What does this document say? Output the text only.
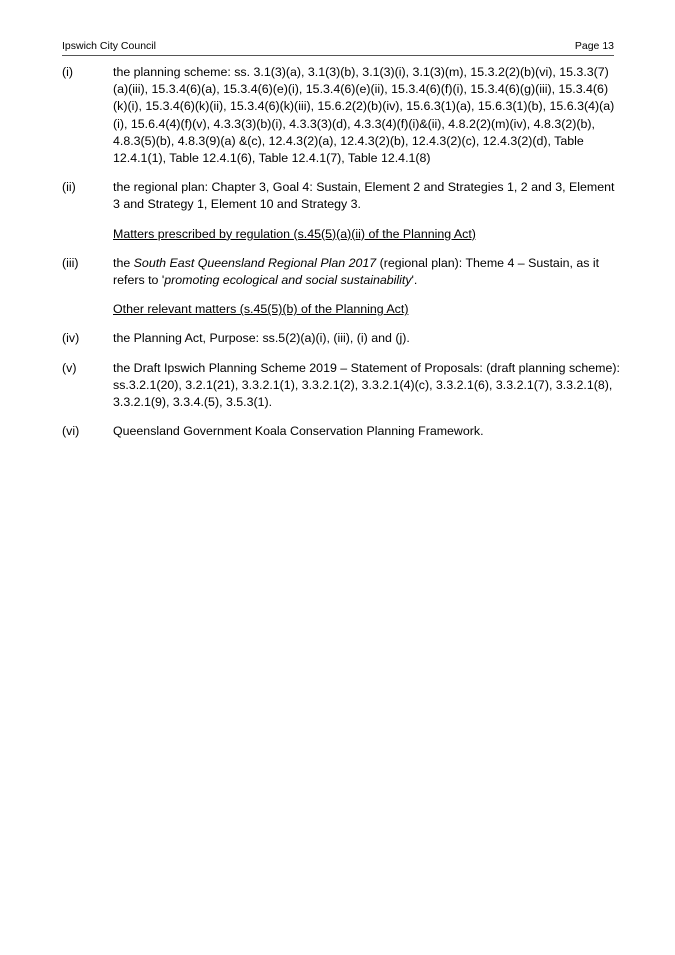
Ipswich City Council	Page 13
(i)	the planning scheme: ss. 3.1(3)(a), 3.1(3)(b), 3.1(3)(i), 3.1(3)(m), 15.3.2(2)(b)(vi), 15.3.3(7)(a)(iii), 15.3.4(6)(a), 15.3.4(6)(e)(i), 15.3.4(6)(e)(ii), 15.3.4(6)(f)(i), 15.3.4(6)(g)(iii), 15.3.4(6)(k)(i), 15.3.4(6)(k)(ii), 15.3.4(6)(k)(iii), 15.6.2(2)(b)(iv), 15.6.3(1)(a), 15.6.3(1)(b), 15.6.3(4)(a)(i), 15.6.4(4)(f)(v), 4.3.3(3)(b)(i), 4.3.3(3)(d), 4.3.3(4)(f)(i)&(ii), 4.8.2(2)(m)(iv), 4.8.3(2)(b), 4.8.3(5)(b), 4.8.3(9)(a) &(c), 12.4.3(2)(a), 12.4.3(2)(b), 12.4.3(2)(c), 12.4.3(2)(d), Table 12.4.1(1), Table 12.4.1(6), Table 12.4.1(7), Table 12.4.1(8)
(ii)	the regional plan: Chapter 3, Goal 4: Sustain, Element 2 and Strategies 1, 2 and 3, Element 3 and Strategy 1, Element 10 and Strategy 3.
Matters prescribed by regulation (s.45(5)(a)(ii) of the Planning Act)
(iii)	the South East Queensland Regional Plan 2017 (regional plan): Theme 4 – Sustain, as it refers to 'promoting ecological and social sustainability'.
Other relevant matters (s.45(5)(b) of the Planning Act)
(iv)	the Planning Act, Purpose: ss.5(2)(a)(i), (iii), (i) and (j).
(v)	the Draft Ipswich Planning Scheme 2019 – Statement of Proposals: (draft planning scheme): ss.3.2.1(20), 3.2.1(21), 3.3.2.1(1), 3.3.2.1(2), 3.3.2.1(4)(c), 3.3.2.1(6), 3.3.2.1(7), 3.3.2.1(8), 3.3.2.1(9), 3.3.4.(5), 3.5.3(1).
(vi)	Queensland Government Koala Conservation Planning Framework.
